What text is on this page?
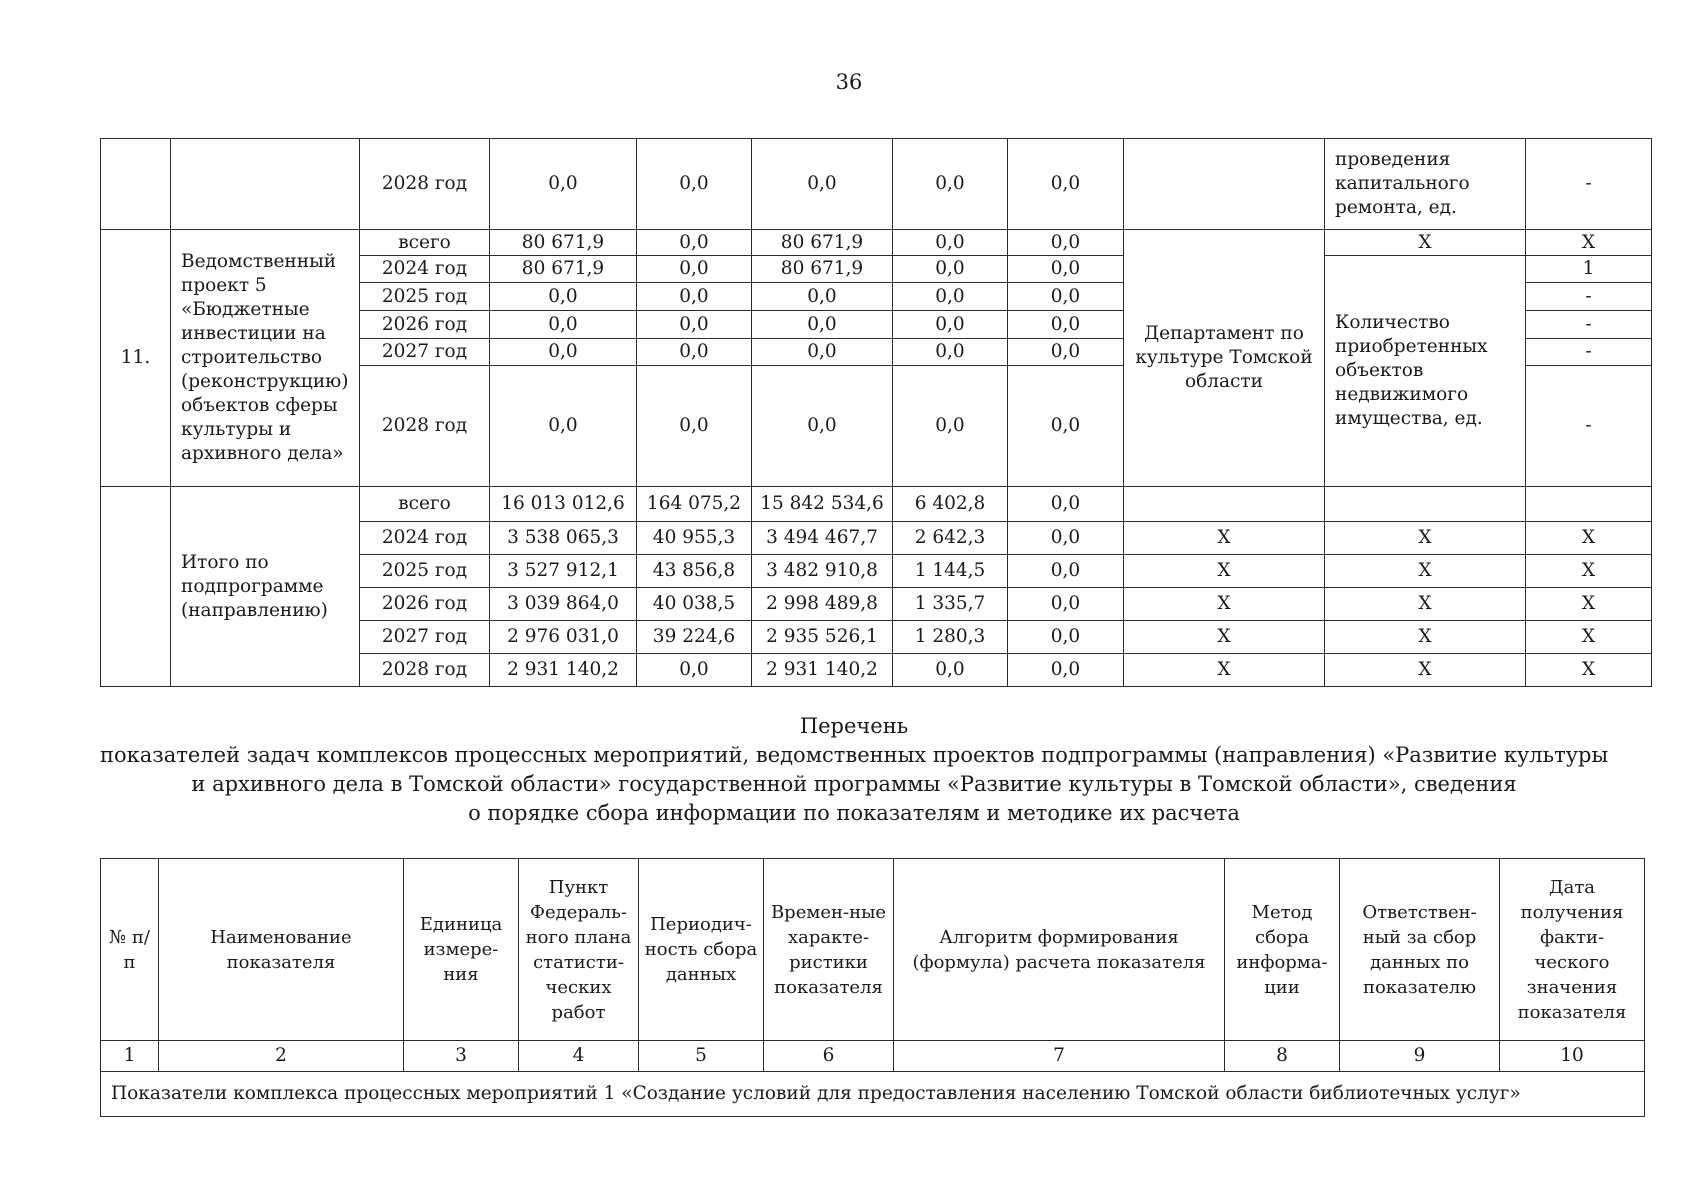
36
		2028 год	0,0	0,0	0,0	0,0	0,0		проведения капитального ремонта, ед.	-
11.	Ведомственный проект 5 «Бюджетные инвестиции на строительство (реконструкцию) объектов сферы культуры и архивного дела»	всего	80 671,9	0,0	80 671,9	0,0	0,0	Департамент по культуре Томской области	X	X
		2024 год	80 671,9	0,0	80 671,9	0,0	0,0		Количество приобретенных объектов недвижимого имущества, ед.	1
		2025 год	0,0	0,0	0,0	0,0	0,0			-
		2026 год	0,0	0,0	0,0	0,0	0,0			-
		2027 год	0,0	0,0	0,0	0,0	0,0			-
		2028 год	0,0	0,0	0,0	0,0	0,0			-
	Итого по подпрограмме (направлению)	всего	16 013 012,6	164 075,2	15 842 534,6	6 402,8	0,0			
		2024 год	3 538 065,3	40 955,3	3 494 467,7	2 642,3	0,0	X	X	X
		2025 год	3 527 912,1	43 856,8	3 482 910,8	1 144,5	0,0	X	X	X
		2026 год	3 039 864,0	40 038,5	2 998 489,8	1 335,7	0,0	X	X	X
		2027 год	2 976 031,0	39 224,6	2 935 526,1	1 280,3	0,0	X	X	X
		2028 год	2 931 140,2	0,0	2 931 140,2	0,0	0,0	X	X	X
Перечень
показателей задач комплексов процессных мероприятий, ведомственных проектов подпрограммы (направления) «Развитие культуры
и архивного дела в Томской области» государственной программы «Развитие культуры в Томской области», сведения
о порядке сбора информации по показателям и методике их расчета
№ п/п	Наименование показателя	Единица измере-ния	Пункт Федераль-ного плана статисти-ческих работ	Периодич-ность сбора данных	Времен-ные характе-ристики показателя	Алгоритм формирования (формула) расчета показателя	Метод сбора информа-ции	Ответствен-ный за сбор данных по показателю	Дата получения факти-ческого значения показателя
1	2	3	4	5	6	7	8	9	10
Показатели комплекса процессных мероприятий 1 «Создание условий для предоставления населению Томской области библиотечных услуг»									
